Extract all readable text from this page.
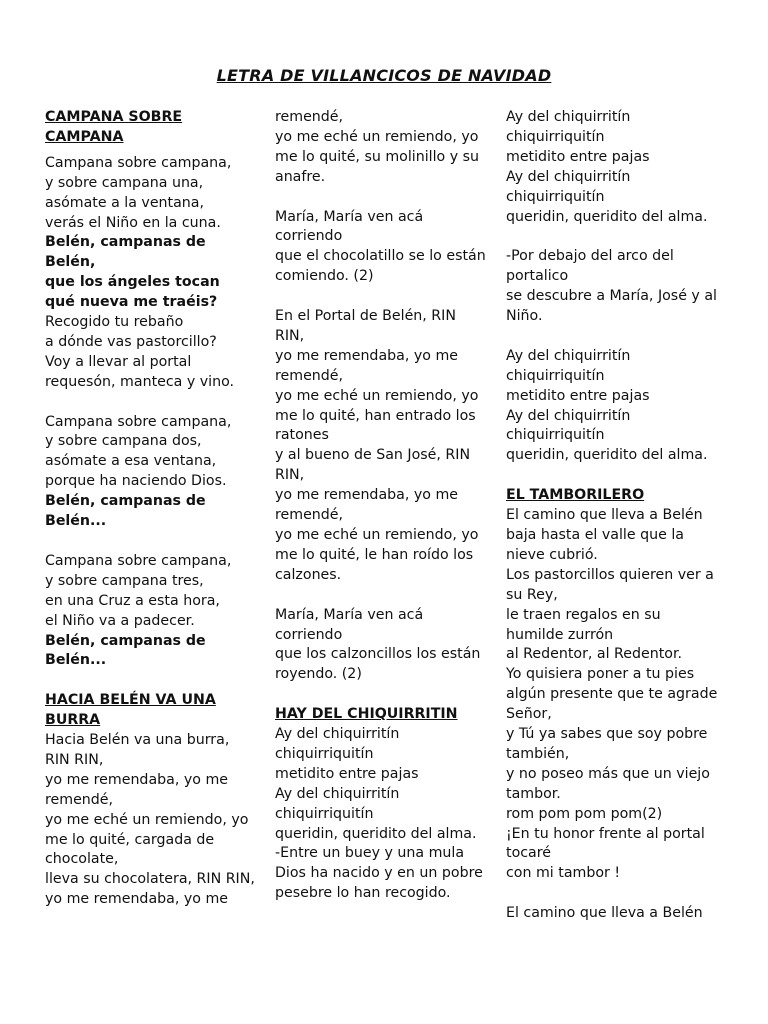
LETRA DE VILLANCICOS DE NAVIDAD
CAMPANA SOBRE
CAMPANA
Campana sobre campana,
y sobre campana una,
asómate a la ventana,
verás el Niño en la cuna.
Belén, campanas de
Belén,
que los ángeles tocan
qué nueva me traéis?
Recogido tu rebaño
a dónde vas pastorcillo?
Voy a llevar al portal
requesón, manteca y vino.
Campana sobre campana,
y sobre campana dos,
asómate a esa ventana,
porque ha naciendo Dios.
Belén, campanas de
Belén...
Campana sobre campana,
y sobre campana tres,
en una Cruz a esta hora,
el Niño va a padecer.
Belén, campanas de
Belén...
HACIA BELÉN VA UNA
BURRA
Hacia Belén va una burra,
RIN RIN,
yo me remendaba, yo me
remendé,
yo me eché un remiendo, yo
me lo quité, cargada de
chocolate,
lleva su chocolatera, RIN RIN,
yo me remendaba, yo me
remendé,
yo me eché un remiendo, yo
me lo quité, su molinillo y su
anafre.
María, María ven acá
corriendo
que el chocolatillo se lo están
comiendo. (2)
En el Portal de Belén, RIN
RIN,
yo me remendaba, yo me
remendé,
yo me eché un remiendo, yo
me lo quité, han entrado los
ratones
y al bueno de San José, RIN
RIN,
yo me remendaba, yo me
remendé,
yo me eché un remiendo, yo
me lo quité, le han roído los
calzones.
María, María ven acá
corriendo
que los calzoncillos los están
royendo. (2)
HAY DEL CHIQUIRRITIN
Ay del chiquirritín
chiquirriquitín
metidito entre pajas
Ay del chiquirritín
chiquirriquitín
queridin, queridito del alma.
-Entre un buey y una mula
Dios ha nacido y en un pobre
pesebre lo han recogido.
Ay del chiquirritín
chiquirriquitín
metidito entre pajas
Ay del chiquirritín
chiquirriquitín
queridin, queridito del alma.
-Por debajo del arco del
portalico
se descubre a María, José y al
Niño.
Ay del chiquirritín
chiquirriquitín
metidito entre pajas
Ay del chiquirritín
chiquirriquitín
queridin, queridito del alma.
EL TAMBORILERO
El camino que lleva a Belén
baja hasta el valle que la
nieve cubrió.
Los pastorcillos quieren ver a
su Rey,
le traen regalos en su
humilde zurrón
al Redentor, al Redentor.
Yo quisiera poner a tu pies
algún presente que te agrade
Señor,
y Tú ya sabes que soy pobre
también,
y no poseo más que un viejo
tambor.
rom pom pom pom(2)
¡En tu honor frente al portal
tocaré
con mi tambor !
El camino que lleva a Belén
